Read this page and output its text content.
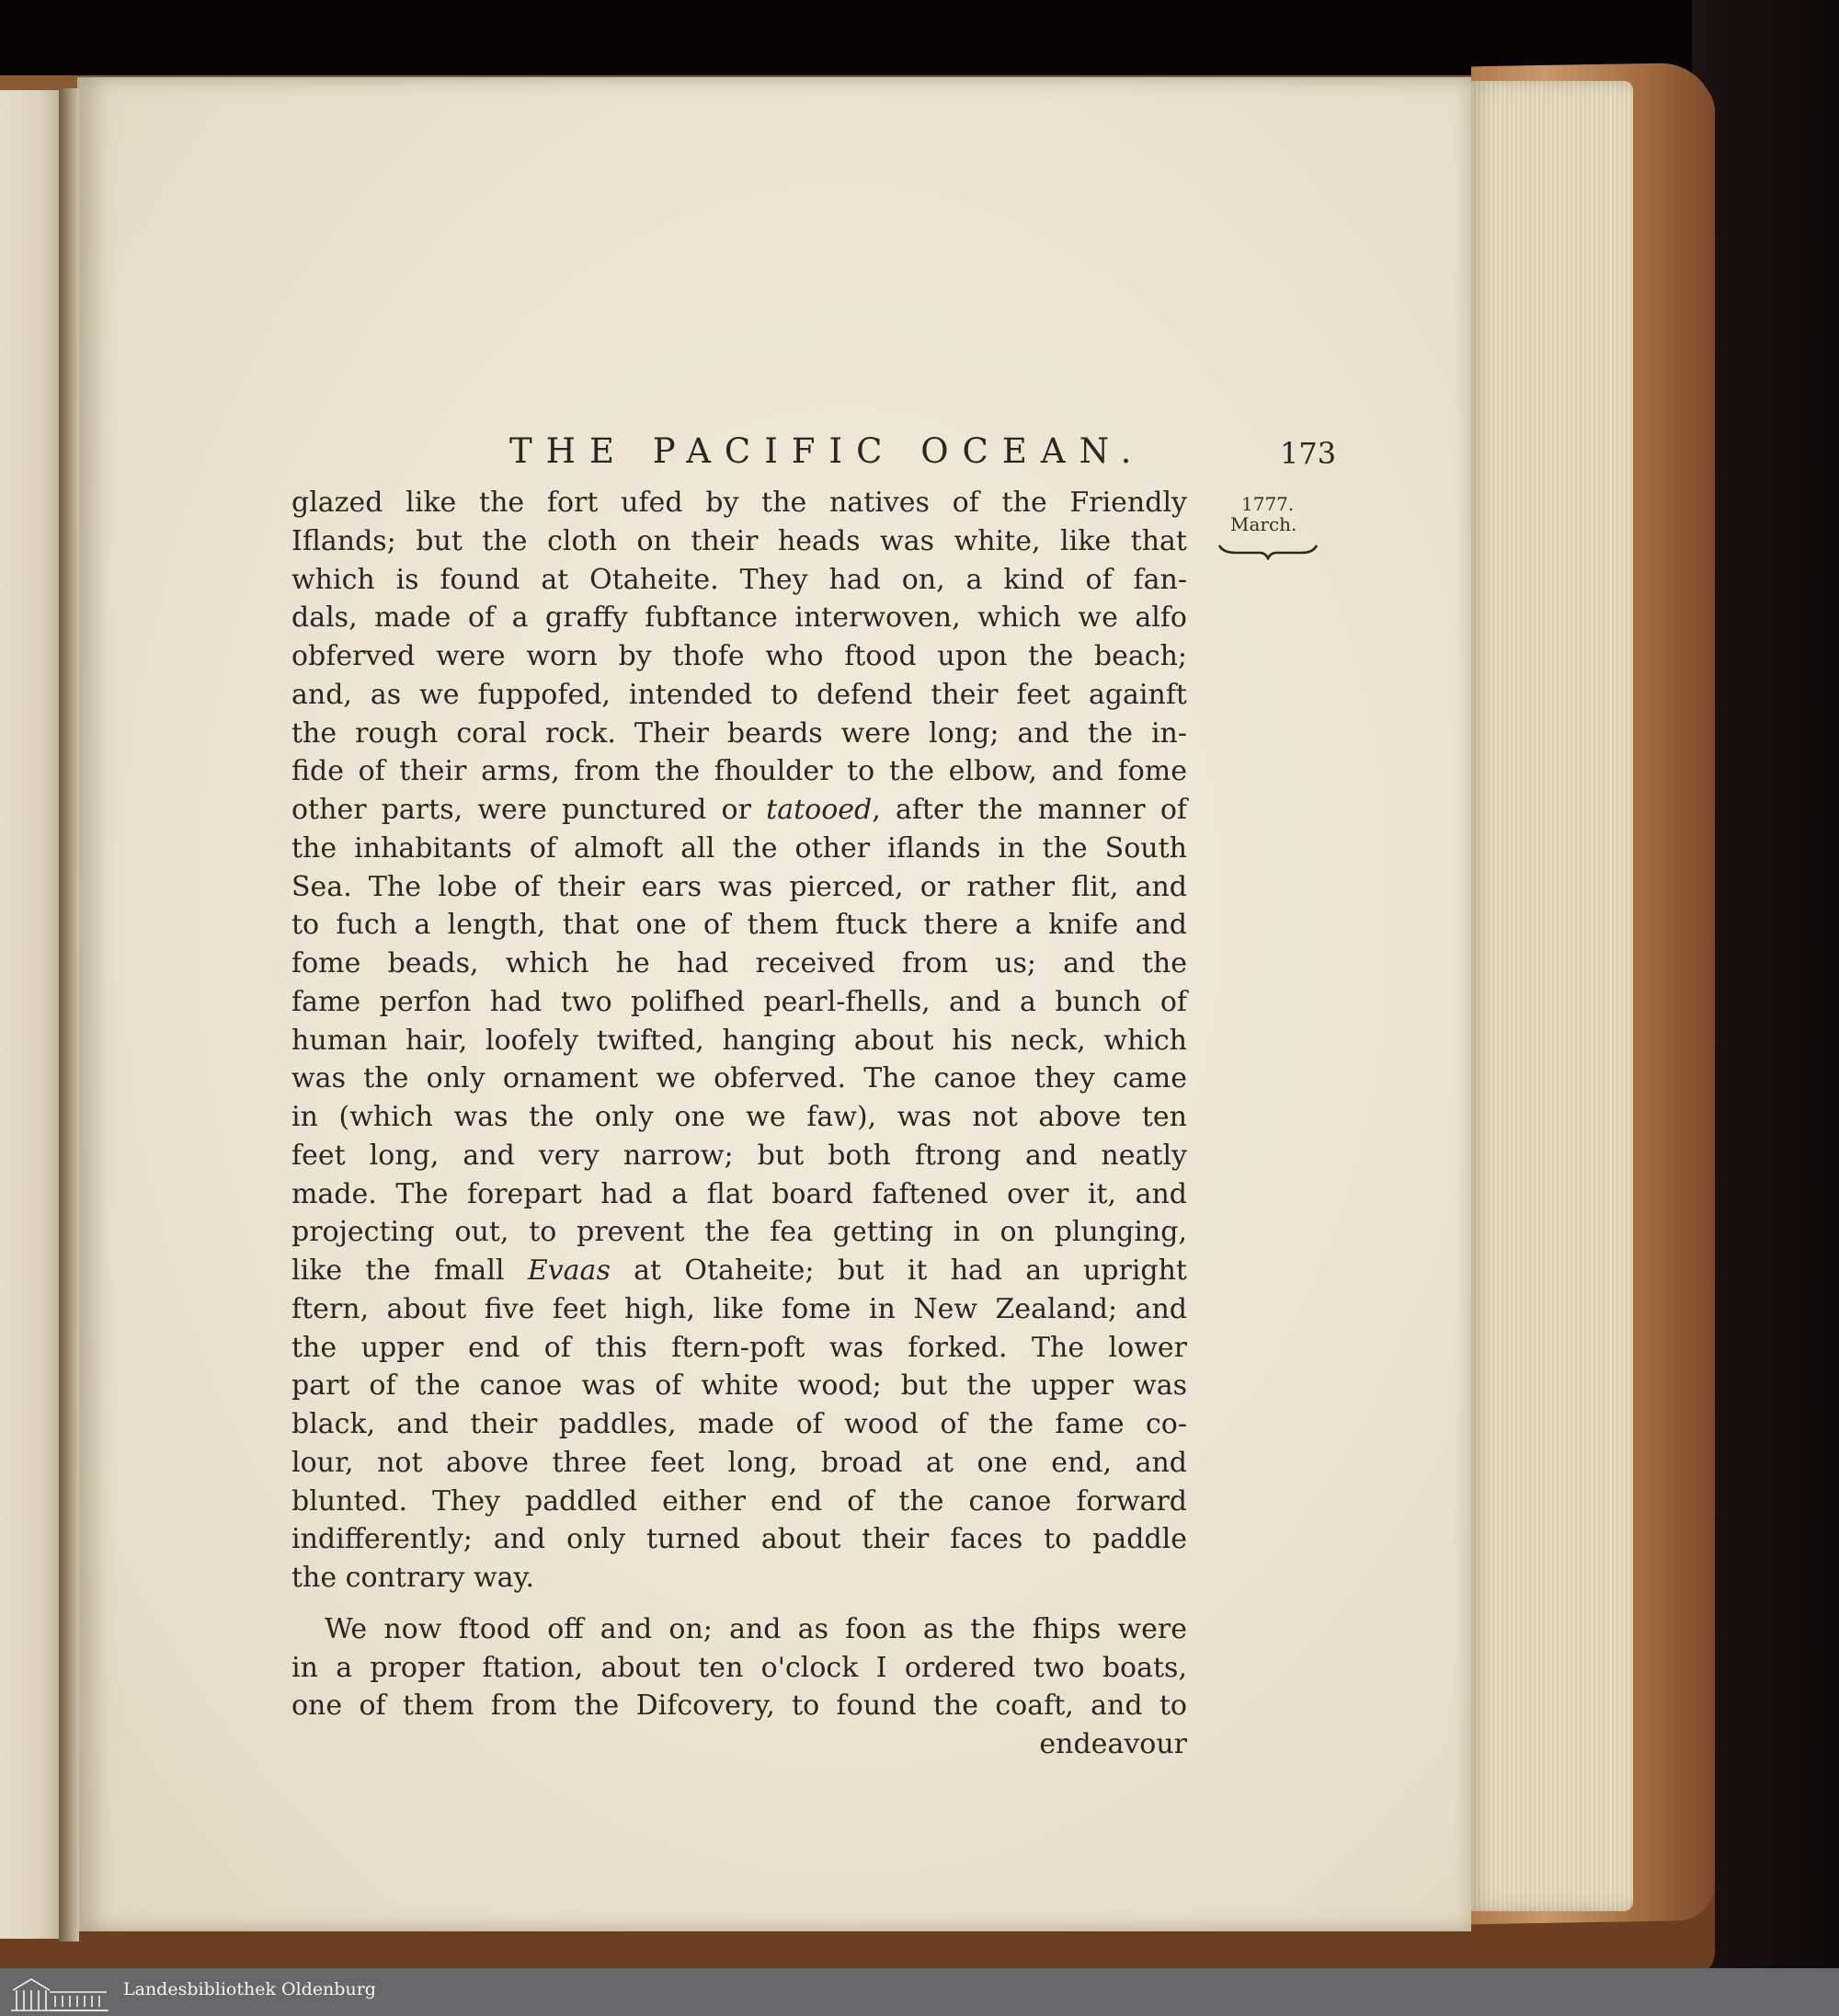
THE PACIFIC OCEAN.	173
1777.
March.
glazed like the fort ufed by the natives of the Friendly
Iflands; but the cloth on their heads was white, like that
which is found at Otaheite. They had on, a kind of fan-
dals, made of a graffy fubftance interwoven, which we alfo
obferved were worn by thofe who ftood upon the beach;
and, as we fuppofed, intended to defend their feet againft
the rough coral rock. Their beards were long; and the in-
fide of their arms, from the fhoulder to the elbow, and fome
other parts, were punctured or tatooed, after the manner of
the inhabitants of almoft all the other iflands in the South
Sea. The lobe of their ears was pierced, or rather flit, and
to fuch a length, that one of them ftuck there a knife and
fome beads, which he had received from us; and the
fame perfon had two polifhed pearl-fhells, and a bunch of
human hair, loofely twifted, hanging about his neck, which
was the only ornament we obferved. The canoe they came
in (which was the only one we faw), was not above ten
feet long, and very narrow; but both ftrong and neatly
made. The forepart had a flat board faftened over it, and
projecting out, to prevent the fea getting in on plunging,
like the fmall Evaas at Otaheite; but it had an upright
ftern, about five feet high, like fome in New Zealand; and
the upper end of this ftern-poft was forked. The lower
part of the canoe was of white wood; but the upper was
black, and their paddles, made of wood of the fame co-
lour, not above three feet long, broad at one end, and
blunted. They paddled either end of the canoe forward
indifferently; and only turned about their faces to paddle
the contrary way.
We now ftood off and on; and as foon as the fhips were
in a proper ftation, about ten o'clock I ordered two boats,
one of them from the Difcovery, to found the coaft, and to
endeavour
Landesbibliothek Oldenburg
